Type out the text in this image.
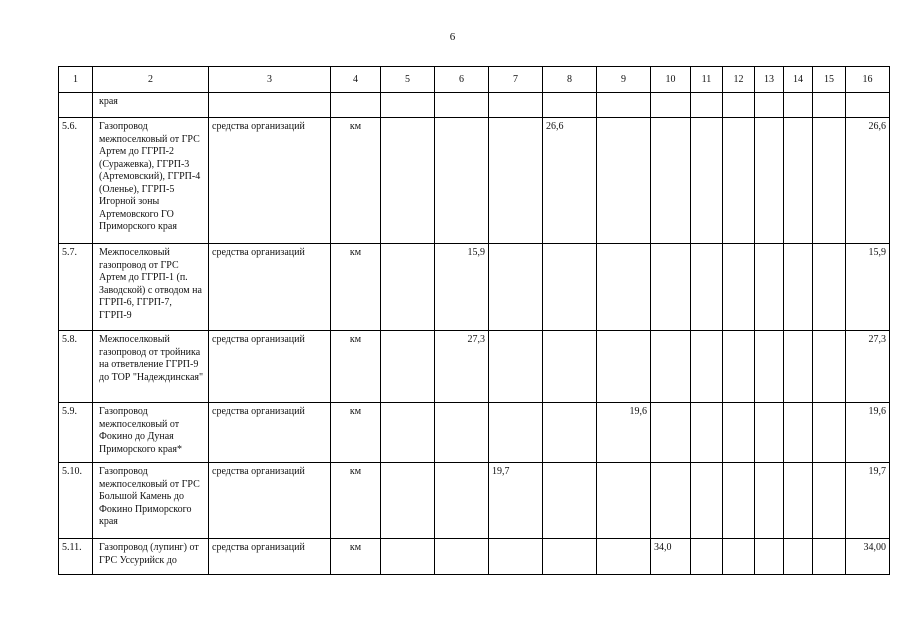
6
1	2	3	4	5	6	7	8	9	10	11	12	13	14	15	16
	края														
5.6.	Газопровод межпоселковый от ГРС Артем до ГГРП-2 (Суражевка), ГГРП-3 (Артемовский), ГГРП-4 (Оленье), ГГРП-5 Игорной зоны Артемовского ГО Приморского края	средства организаций	км				26,6								26,6
5.7.	Межпоселковый газопровод от ГРС Артем до ГГРП-1 (п. Заводской) с отводом на ГГРП-6, ГГРП-7, ГГРП-9	средства организаций	км		15,9										15,9
5.8.	Межпоселковый газопровод от тройника на ответвление ГГРП-9 до ТОР "Надеждинская"	средства организаций	км		27,3										27,3
5.9.	Газопровод межпоселковый от Фокино до Дуная Приморского края*	средства организаций	км					19,6							19,6
5.10.	Газопровод межпоселковый от ГРС Большой Камень до Фокино Приморского края	средства организаций	км			19,7									19,7
5.11.	Газопровод (лупинг) от ГРС Уссурийск до	средства организаций	км						34,0						34,00
